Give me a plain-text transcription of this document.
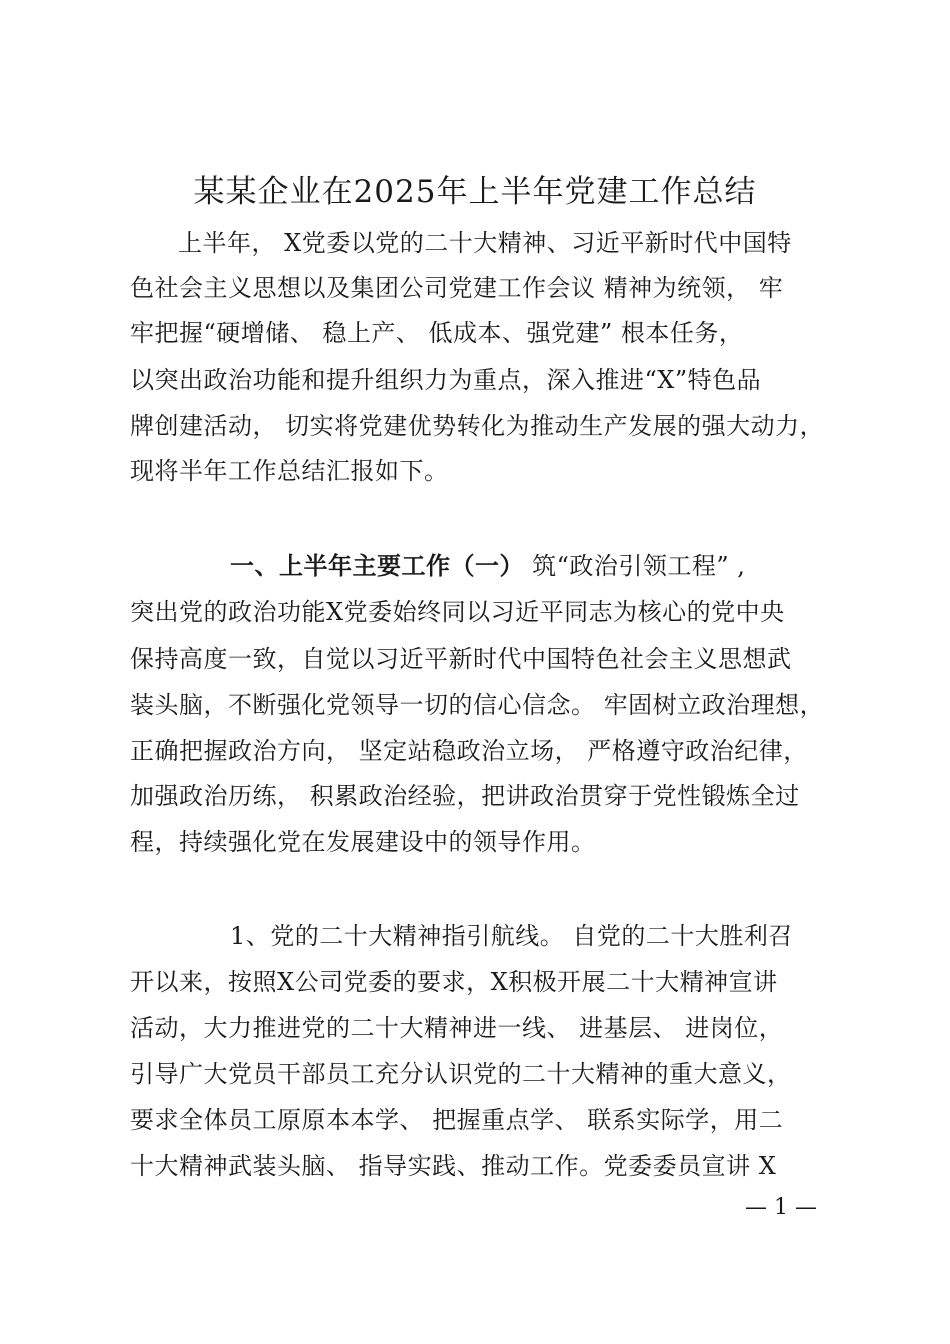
某某企业在2025年上半年党建工作总结
上半年， X党委以党的二十大精神、习近平新时代中国特
色社会主义思想以及集团公司党建工作会议 精神为统领， 牢
牢把握“硬增储、 稳上产、 低成本、强党建” 根本任务，
以突出政治功能和提升组织力为重点，深入推进“X”特色品
牌创建活动， 切实将党建优势转化为推动生产发展的强大动力，
现将半年工作总结汇报如下。
一、上半年主要工作（一） 筑“政治引领工程” ,
突出党的政治功能X党委始终同以习近平同志为核心的党中央
保持高度一致，自觉以习近平新时代中国特色社会主义思想武
装头脑，不断强化党领导一切的信心信念。 牢固树立政治理想，
正确把握政治方向， 坚定站稳政治立场， 严格遵守政治纪律，
加强政治历练， 积累政治经验，把讲政治贯穿于党性锻炼全过
程，持续强化党在发展建设中的领导作用。
1、党的二十大精神指引航线。 自党的二十大胜利召
开以来，按照X公司党委的要求，X积极开展二十大精神宣讲
活动，大力推进党的二十大精神进一线、 进基层、 进岗位，
引导广大党员干部员工充分认识党的二十大精神的重大意义，
要求全体员工原原本本学、 把握重点学、 联系实际学，用二
十大精神武装头脑、 指导实践、推动工作。党委委员宣讲 X
— 1 —
